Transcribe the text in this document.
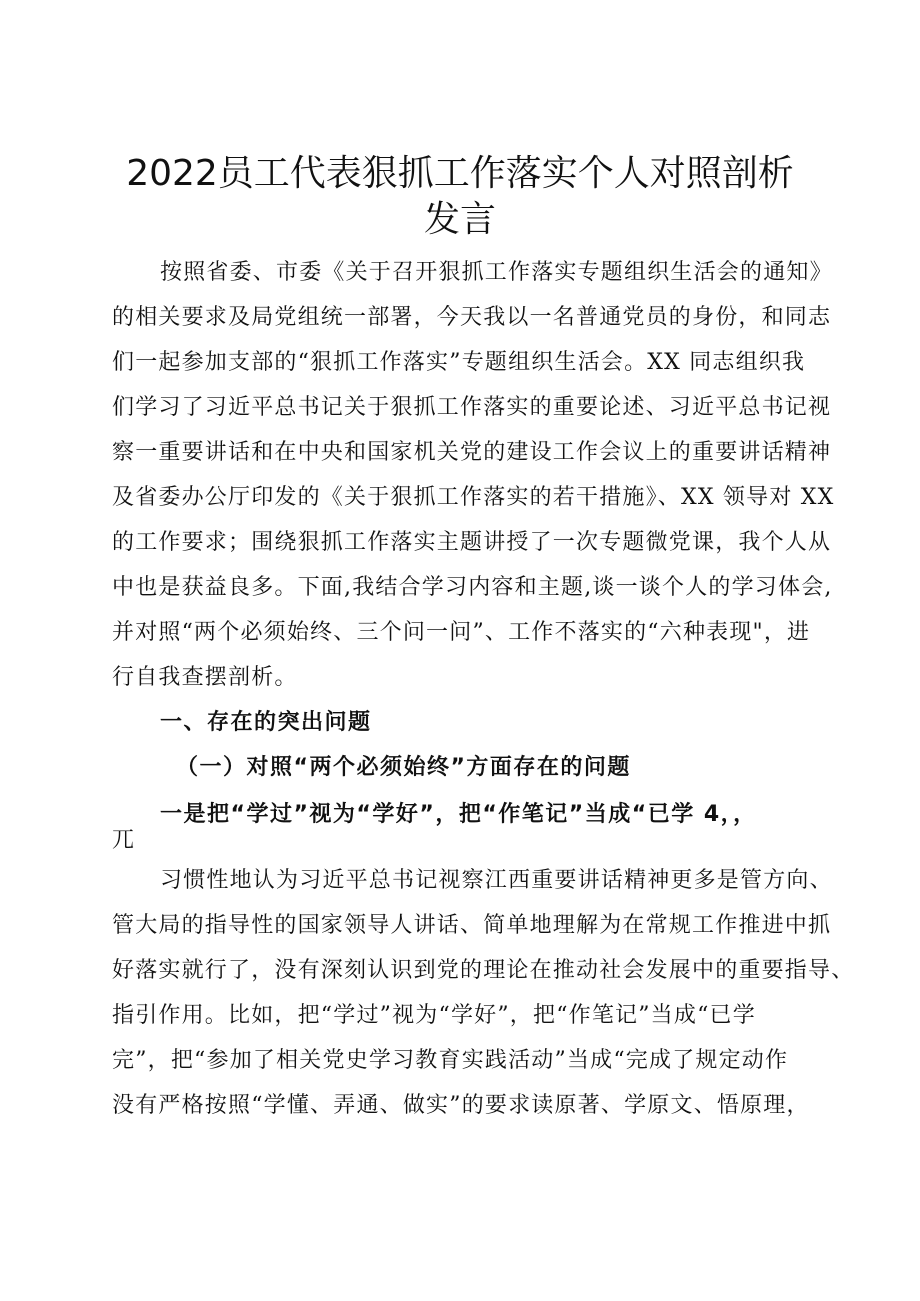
2022员工代表狠抓工作落实个人对照剖析
发言
按照省委、市委《关于召开狠抓工作落实专题组织生活会的通知》
的相关要求及局党组统一部署，今天我以一名普通党员的身份，和同志
们一起参加支部的“狠抓工作落实”专题组织生活会。XX 同志组织我
们学习了习近平总书记关于狠抓工作落实的重要论述、习近平总书记视
察一重要讲话和在中央和国家机关党的建设工作会议上的重要讲话精神
及省委办公厅印发的《关于狠抓工作落实的若干措施》、XX 领导对 XX
的工作要求；围绕狠抓工作落实主题讲授了一次专题微党课，我个人从
中也是获益良多。下面,我结合学习内容和主题,谈一谈个人的学习体会,
并对照“两个必须始终、三个问一问”、工作不落实的“六种表现"，进
行自我查摆剖析。
一、存在的突出问题
（一）对照“两个必须始终”方面存在的问题
一是把“学过”视为“学好”，把“作笔记”当成“已学 4，，
兀
习惯性地认为习近平总书记视察江西重要讲话精神更多是管方向、
管大局的指导性的国家领导人讲话、简单地理解为在常规工作推进中抓
好落实就行了，没有深刻认识到党的理论在推动社会发展中的重要指导、
指引作用。比如，把“学过”视为“学好”，把“作笔记”当成“已学
完”，把“参加了相关党史学习教育实践活动”当成“完成了规定动作
没有严格按照“学懂、弄通、做实”的要求读原著、学原文、悟原理，
